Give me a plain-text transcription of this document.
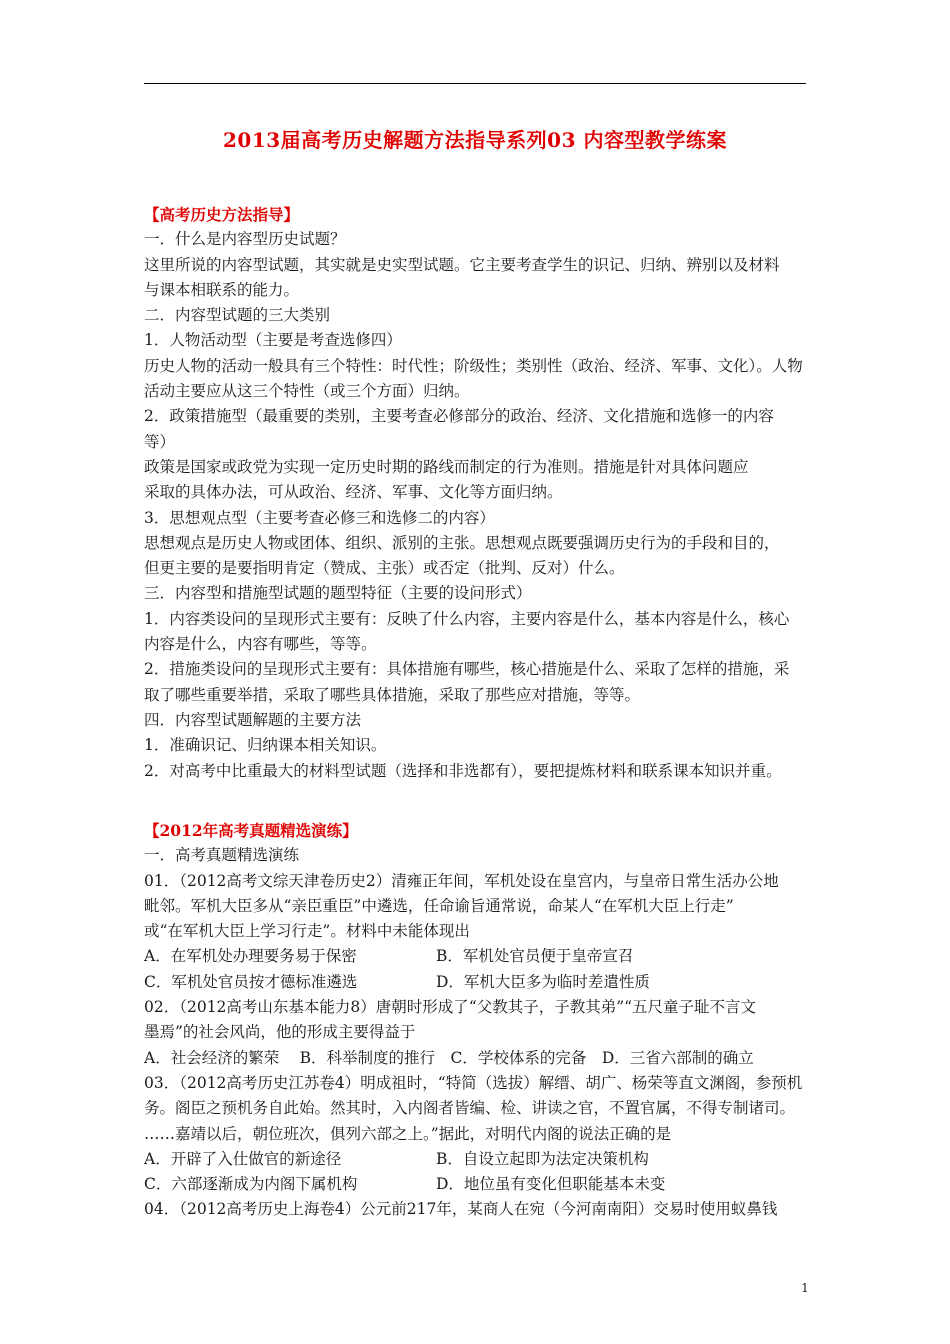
2013届高考历史解题方法指导系列03 内容型教学练案
【高考历史方法指导】
一．什么是内容型历史试题？
这里所说的内容型试题，其实就是史实型试题。它主要考查学生的识记、归纳、辨别以及材料
与课本相联系的能力。
二．内容型试题的三大类别
1．人物活动型（主要是考查选修四）
历史人物的活动一般具有三个特性：时代性；阶级性；类别性（政治、经济、军事、文化）。人物
活动主要应从这三个特性（或三个方面）归纳。
2．政策措施型（最重要的类别，主要考查必修部分的政治、经济、文化措施和选修一的内容
等）
政策是国家或政党为实现一定历史时期的路线而制定的行为准则。措施是针对具体问题应
采取的具体办法，可从政治、经济、军事、文化等方面归纳。
3．思想观点型（主要考查必修三和选修二的内容）
思想观点是历史人物或团体、组织、派别的主张。思想观点既要强调历史行为的手段和目的，
但更主要的是要指明肯定（赞成、主张）或否定（批判、反对）什么。
三．内容型和措施型试题的题型特征（主要的设问形式）
1．内容类设问的呈现形式主要有：反映了什么内容，主要内容是什么，基本内容是什么，核心
内容是什么，内容有哪些，等等。
2．措施类设问的呈现形式主要有：具体措施有哪些，核心措施是什么、采取了怎样的措施，采
取了哪些重要举措，采取了哪些具体措施，采取了那些应对措施，等等。
四．内容型试题解题的主要方法
1．准确识记、归纳课本相关知识。
2．对高考中比重最大的材料型试题（选择和非选都有），要把提炼材料和联系课本知识并重。
【2012年高考真题精选演练】
一．高考真题精选演练
01．（2012高考文综天津卷历史2）清雍正年间，军机处设在皇宫内，与皇帝日常生活办公地
毗邻。军机大臣多从“亲臣重臣”中遴选，任命谕旨通常说，命某人“在军机大臣上行走”
或“在军机大臣上学习行走”。材料中未能体现出
A．在军机处办理要务易于保密	B．军机处官员便于皇帝宣召
C．军机处官员按才德标准遴选	D．军机大臣多为临时差遣性质
02．（2012高考山东基本能力8）唐朝时形成了“父教其子，子教其弟”“五尺童子耻不言文
墨焉”的社会风尚，他的形成主要得益于
A．社会经济的繁荣　 B．科举制度的推行　C．学校体系的完备　D．三省六部制的确立
03．（2012高考历史江苏卷4）明成祖时，“特简（选拔）解缙、胡广、杨荣等直文渊阁，参预机
务。阁臣之预机务自此始。然其时，入内阁者皆编、检、讲读之官，不置官属，不得专制诸司。
……嘉靖以后，朝位班次，俱列六部之上。”据此，对明代内阁的说法正确的是
A．开辟了入仕做官的新途径	B．自设立起即为法定决策机构
C．六部逐渐成为内阁下属机构	D．地位虽有变化但职能基本未变
04．（2012高考历史上海卷4）公元前217年，某商人在宛（今河南南阳）交易时使用蚁鼻钱
1
